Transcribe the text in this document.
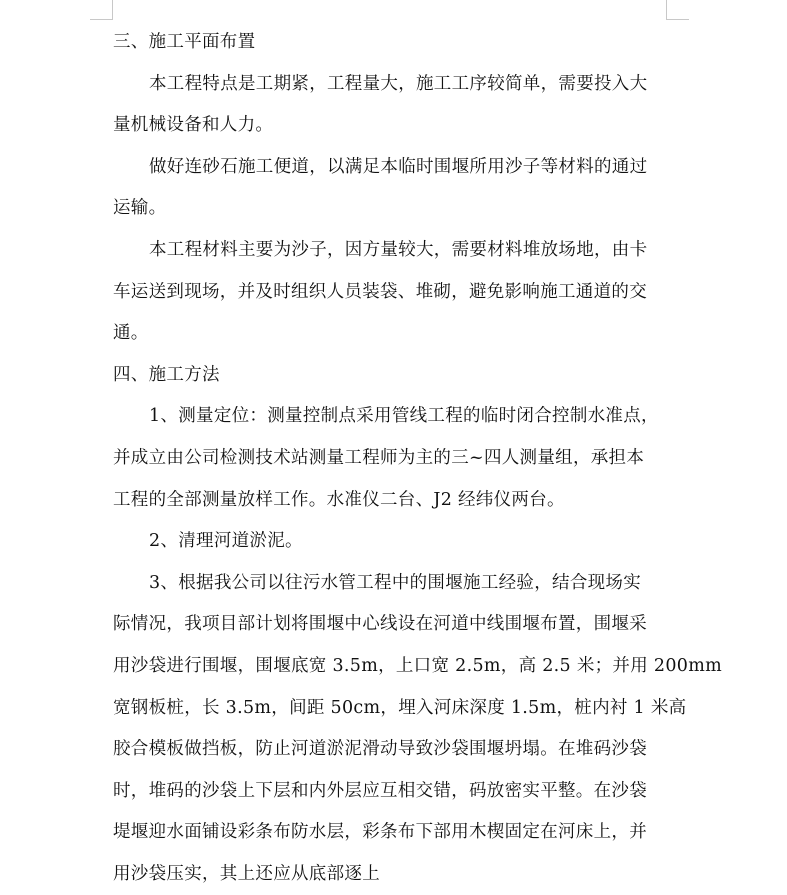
三、施工平面布置

本工程特点是工期紧，工程量大，施工工序较简单，需要投入大

量机械设备和人力。

做好连砂石施工便道，以满足本临时围堰所用沙子等材料的通过

运输。

本工程材料主要为沙子，因方量较大，需要材料堆放场地，由卡

车运送到现场，并及时组织人员装袋、堆砌，避免影响施工通道的交

通。

四、施工方法

1、测量定位：测量控制点采用管线工程的临时闭合控制水准点，

并成立由公司检测技术站测量工程师为主的三~四人测量组，承担本

工程的全部测量放样工作。水准仪二台、J2 经纬仪两台。

2、清理河道淤泥。

3、根据我公司以往污水管工程中的围堰施工经验，结合现场实

际情况，我项目部计划将围堰中心线设在河道中线围堰布置，围堰采

用沙袋进行围堰，围堰底宽 3.5m，上口宽 2.5m，高 2.5 米；并用 200mm

宽钢板桩，长 3.5m，间距 50cm，埋入河床深度 1.5m，桩内衬 1 米高

胶合模板做挡板，防止河道淤泥滑动导致沙袋围堰坍塌。在堆码沙袋

时，堆码的沙袋上下层和内外层应互相交错，码放密实平整。在沙袋

堤堰迎水面铺设彩条布防水层，彩条布下部用木楔固定在河床上，并

用沙袋压实，其上还应从底部逐上
